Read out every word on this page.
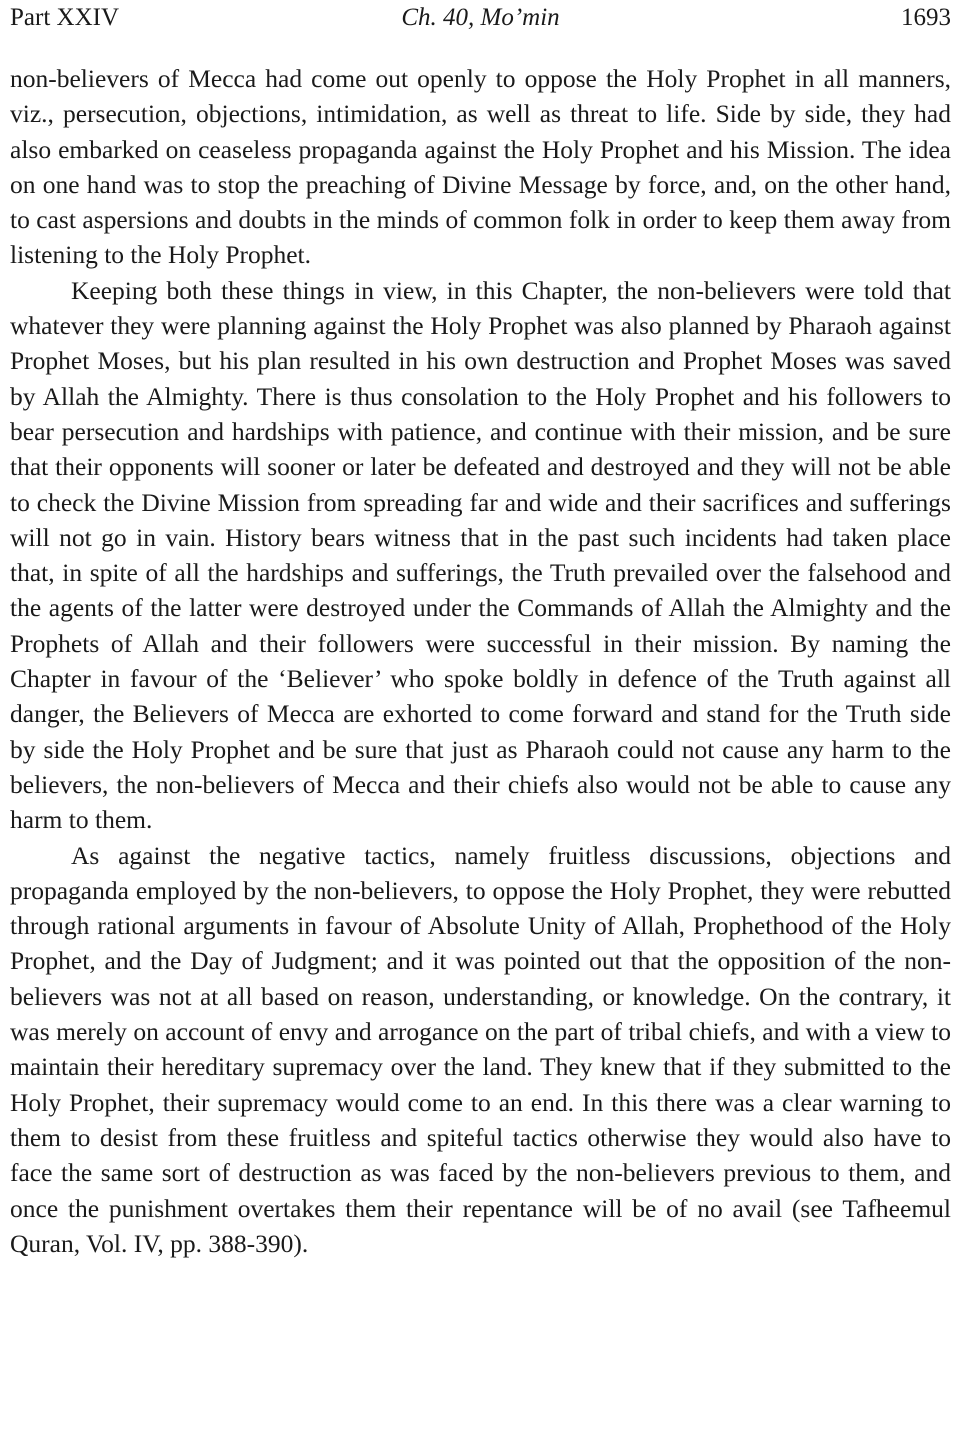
Part XXIV	Ch. 40, Mo’min	1693

non-believers of Mecca had come out openly to oppose the Holy Prophet in all manners, viz., persecution, objections, intimidation, as well as threat to life. Side by side, they had also embarked on ceaseless propaganda against the Holy Prophet and his Mission. The idea on one hand was to stop the preaching of Divine Message by force, and, on the other hand, to cast aspersions and doubts in the minds of common folk in order to keep them away from listening to the Holy Prophet.

Keeping both these things in view, in this Chapter, the non-believers were told that whatever they were planning against the Holy Prophet was also planned by Pharaoh against Prophet Moses, but his plan resulted in his own destruction and Prophet Moses was saved by Allah the Almighty. There is thus consolation to the Holy Prophet and his followers to bear persecution and hardships with patience, and continue with their mission, and be sure that their opponents will sooner or later be defeated and destroyed and they will not be able to check the Divine Mission from spreading far and wide and their sacrifices and sufferings will not go in vain. History bears witness that in the past such incidents had taken place that, in spite of all the hardships and sufferings, the Truth prevailed over the falsehood and the agents of the latter were destroyed under the Commands of Allah the Almighty and the Prophets of Allah and their followers were successful in their mission. By naming the Chapter in favour of the ‘Believer’ who spoke boldly in defence of the Truth against all danger, the Believers of Mecca are exhorted to come forward and stand for the Truth side by side the Holy Prophet and be sure that just as Pharaoh could not cause any harm to the believers, the non-believers of Mecca and their chiefs also would not be able to cause any harm to them.

As against the negative tactics, namely fruitless discussions, objections and propaganda employed by the non-believers, to oppose the Holy Prophet, they were rebutted through rational arguments in favour of Absolute Unity of Allah, Prophethood of the Holy Prophet, and the Day of Judgment; and it was pointed out that the opposition of the non-believers was not at all based on reason, understanding, or knowledge. On the contrary, it was merely on account of envy and arrogance on the part of tribal chiefs, and with a view to maintain their hereditary supremacy over the land. They knew that if they submitted to the Holy Prophet, their supremacy would come to an end. In this there was a clear warning to them to desist from these fruitless and spiteful tactics otherwise they would also have to face the same sort of destruction as was faced by the non-believers previous to them, and once the punishment overtakes them their repentance will be of no avail (see Tafheemul Quran, Vol. IV, pp. 388-390).
